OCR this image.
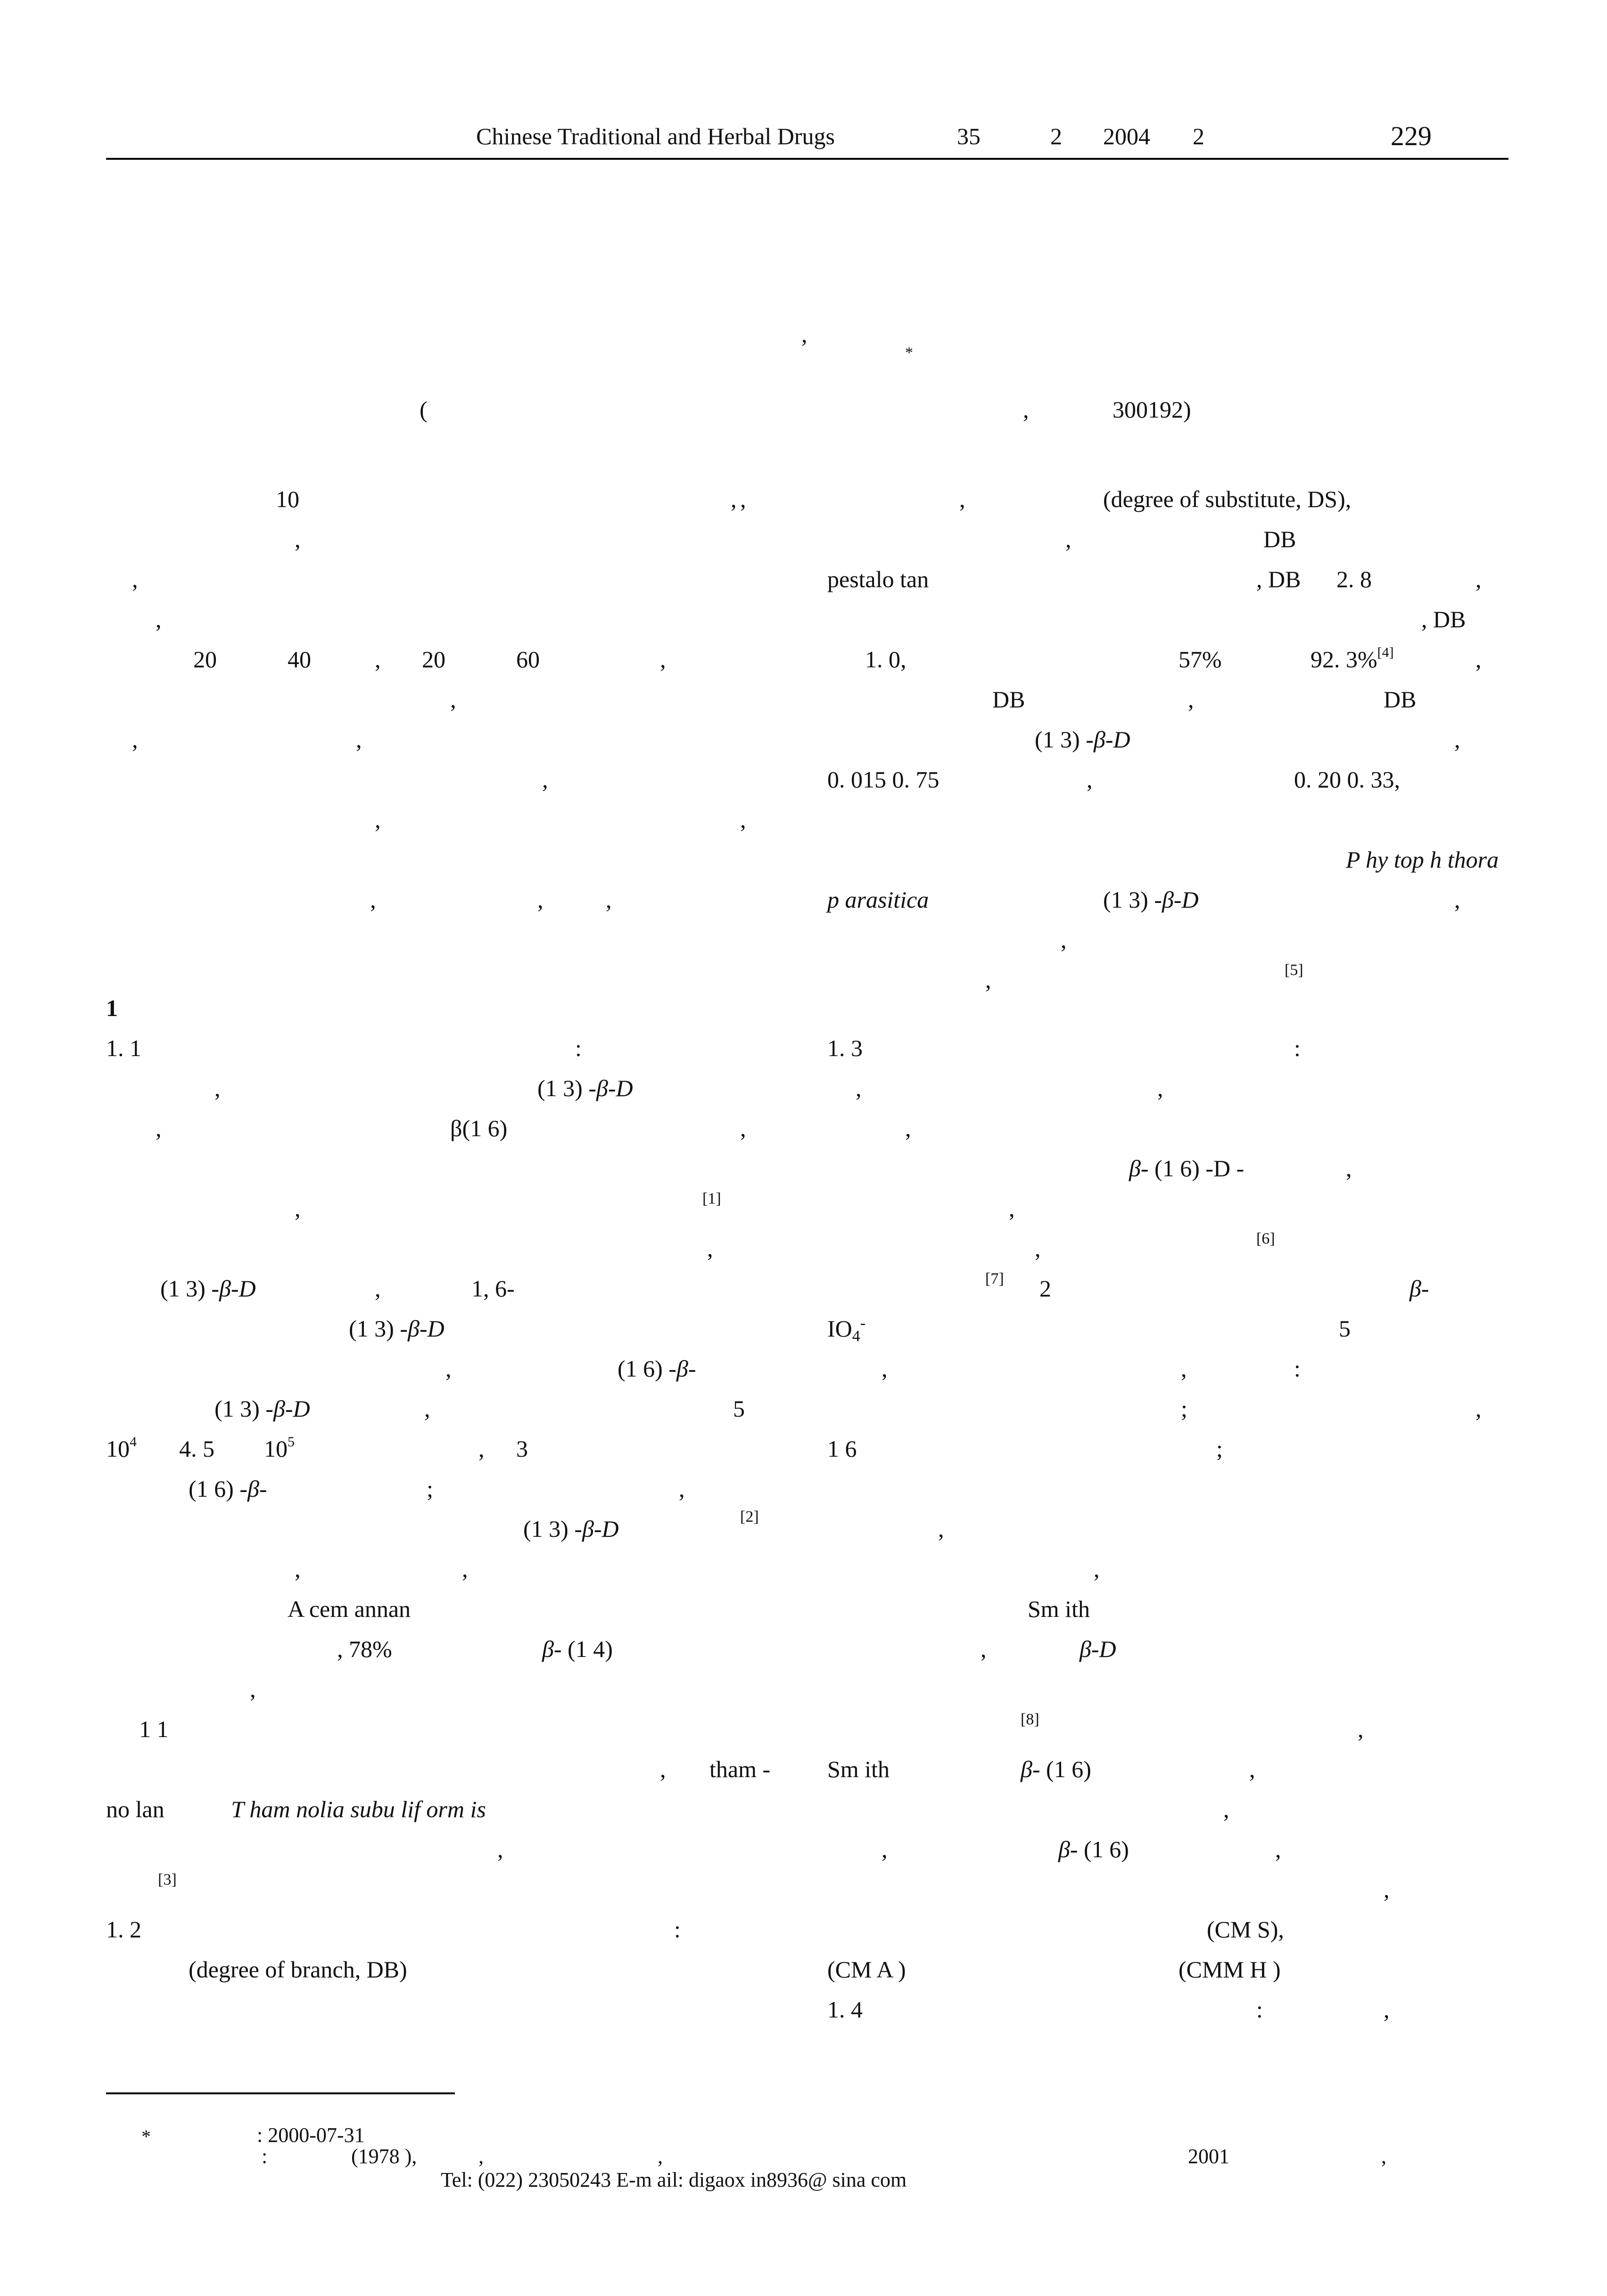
Chinese Traditional and Herbal Drugs	35	2 2004 2	229
*
,
(	,	300192)
10	,
,
,
,
20	40	, 20	60	,
,
,	,
,
,	,
,	,	,
1
1. 1	:
,	(1 3) -β-D
,	β(1 6)	,
,	[1]
,
(1 3) -β-D	,	1, 6-
(1 3) -β-D
,	(1 6) -β-
(1 3) -β-D	,	5
$10^4$ 4. 5 $10^5$	, 3
(1 6) -β-	;	,
(1 3) -β-D	[2]
,	,
A cem annan
, 78%	β- (1 4)
,
1 1
, tham -
no lan	T ham nolia subu lif orm is
,
[3]
1. 2	:
(degree of branch, DB)
,	,	(degree of substitute, DS),
,	DB
pestalo tan	, DB 2. 8	,
, DB
1. 0,	57%	92. 3%[4]	,
DB	,	DB
(1 3) -β-D	,
0. 015 0. 75	,	0. 20 0. 33,
P hy top h thora
p arasitica	(1 3) -β-D	,
,
,	[5]
1. 3	:
,	,
,
β- (1 6) -D -	,
,
,	[6]
[7] 2	β-
$IO_4^-$	5
,	,	:
;	,
1 6	;
,
,
Sm ith
,	β-D
[8]	,
Sm ith	β- (1 6)	,
,
,	β- (1 6)	,
,
(CM S),
(CM A )	(CMM H )
1. 4	:	,
*	: 2000-07-31
:	(1978 ),	,	,	2001	,
Tel: (022) 23050243 E-m ail: digaox in8936@ sina com
